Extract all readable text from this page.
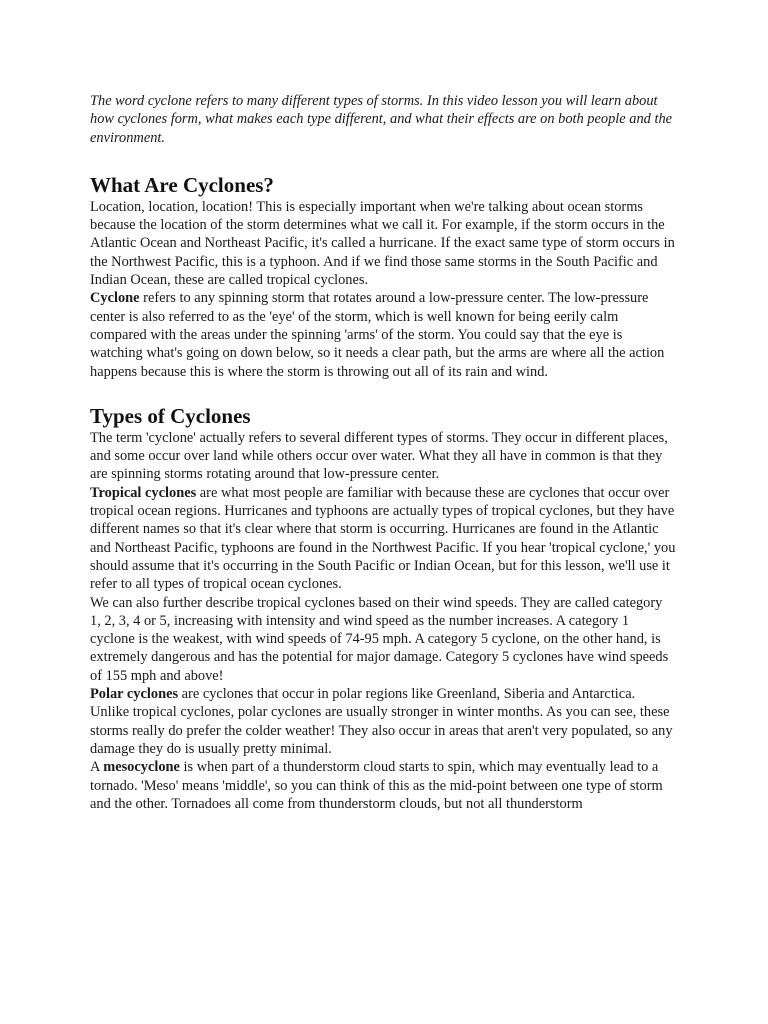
The word cyclone refers to many different types of storms. In this video lesson you will learn about how cyclones form, what makes each type different, and what their effects are on both people and the environment.

What Are Cyclones?

Location, location, location! This is especially important when we're talking about ocean storms because the location of the storm determines what we call it. For example, if the storm occurs in the Atlantic Ocean and Northeast Pacific, it's called a hurricane. If the exact same type of storm occurs in the Northwest Pacific, this is a typhoon. And if we find those same storms in the South Pacific and Indian Ocean, these are called tropical cyclones.

Cyclone refers to any spinning storm that rotates around a low-pressure center. The low-pressure center is also referred to as the 'eye' of the storm, which is well known for being eerily calm compared with the areas under the spinning 'arms' of the storm. You could say that the eye is watching what's going on down below, so it needs a clear path, but the arms are where all the action happens because this is where the storm is throwing out all of its rain and wind.

Types of Cyclones

The term 'cyclone' actually refers to several different types of storms. They occur in different places, and some occur over land while others occur over water. What they all have in common is that they are spinning storms rotating around that low-pressure center.

Tropical cyclones are what most people are familiar with because these are cyclones that occur over tropical ocean regions. Hurricanes and typhoons are actually types of tropical cyclones, but they have different names so that it's clear where that storm is occurring. Hurricanes are found in the Atlantic and Northeast Pacific, typhoons are found in the Northwest Pacific. If you hear 'tropical cyclone,' you should assume that it's occurring in the South Pacific or Indian Ocean, but for this lesson, we'll use it refer to all types of tropical ocean cyclones.

We can also further describe tropical cyclones based on their wind speeds. They are called category 1, 2, 3, 4 or 5, increasing with intensity and wind speed as the number increases. A category 1 cyclone is the weakest, with wind speeds of 74-95 mph. A category 5 cyclone, on the other hand, is extremely dangerous and has the potential for major damage. Category 5 cyclones have wind speeds of 155 mph and above!

Polar cyclones are cyclones that occur in polar regions like Greenland, Siberia and Antarctica. Unlike tropical cyclones, polar cyclones are usually stronger in winter months. As you can see, these storms really do prefer the colder weather! They also occur in areas that aren't very populated, so any damage they do is usually pretty minimal.

A mesocyclone is when part of a thunderstorm cloud starts to spin, which may eventually lead to a tornado. 'Meso' means 'middle', so you can think of this as the mid-point between one type of storm and the other. Tornadoes all come from thunderstorm clouds, but not all thunderstorm
